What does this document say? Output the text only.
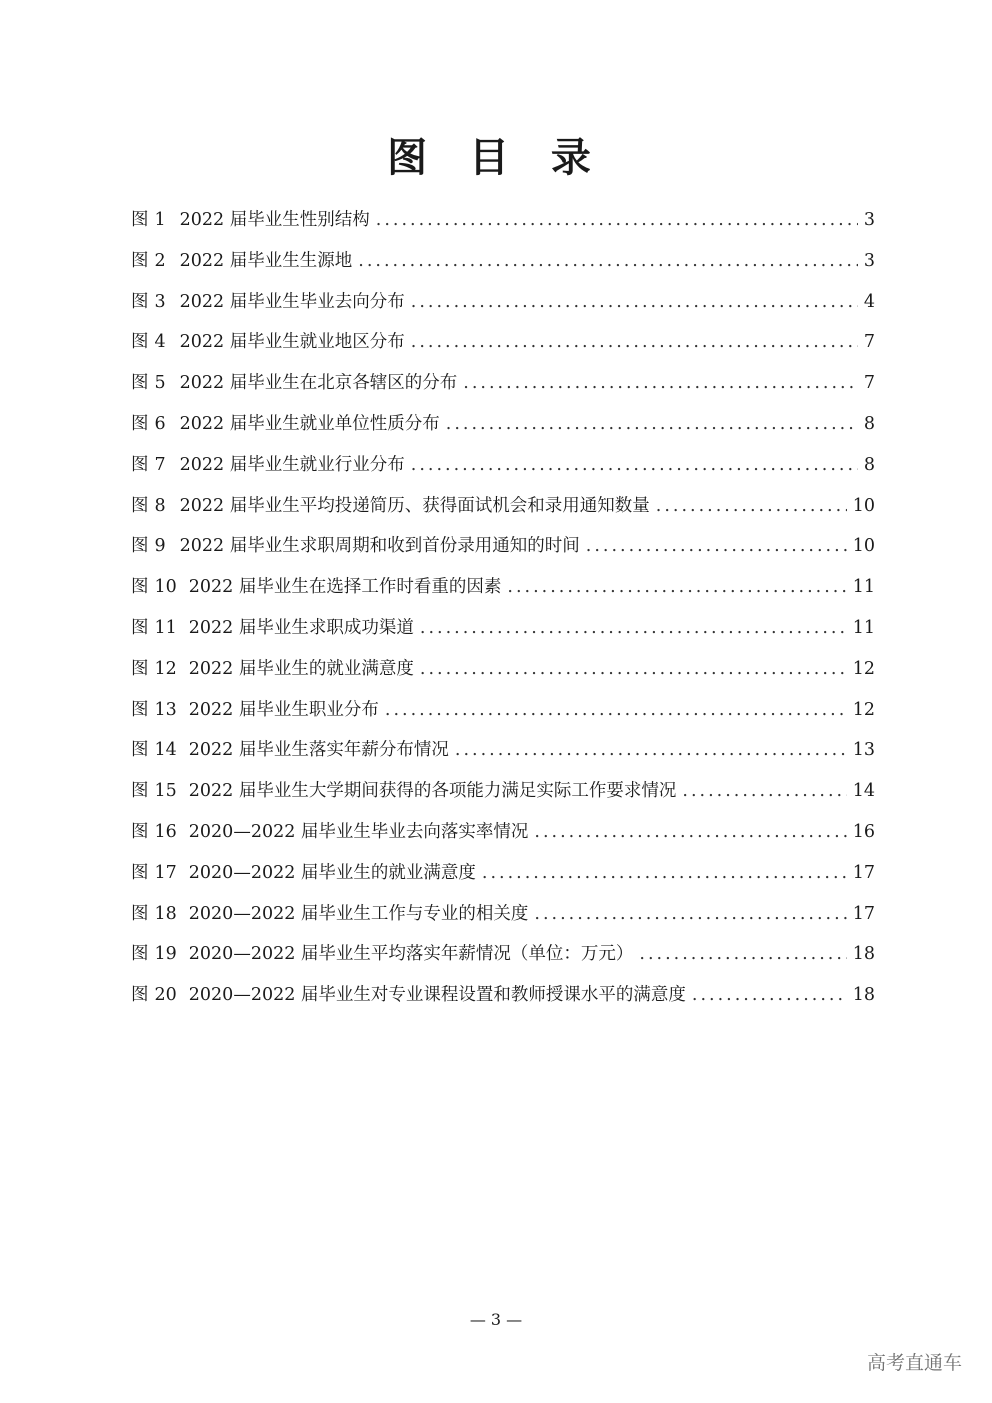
图 目 录
图 1 2022 届毕业生性别结构 .....	3
图 2 2022 届毕业生生源地 .....	3
图 3 2022 届毕业生毕业去向分布 .....	4
图 4 2022 届毕业生就业地区分布 .....	7
图 5 2022 届毕业生在北京各辖区的分布 .....	7
图 6 2022 届毕业生就业单位性质分布 .....	8
图 7 2022 届毕业生就业行业分布 .....	8
图 8 2022 届毕业生平均投递简历、获得面试机会和录用通知数量 .....	10
图 9 2022 届毕业生求职周期和收到首份录用通知的时间 .....	10
图 10 2022 届毕业生在选择工作时看重的因素 .....	11
图 11 2022 届毕业生求职成功渠道 .....	11
图 12 2022 届毕业生的就业满意度 .....	12
图 13 2022 届毕业生职业分布 .....	12
图 14 2022 届毕业生落实年薪分布情况 .....	13
图 15 2022 届毕业生大学期间获得的各项能力满足实际工作要求情况 .....	14
图 16 2020—2022 届毕业生毕业去向落实率情况 .....	16
图 17 2020—2022 届毕业生的就业满意度 .....	17
图 18 2020—2022 届毕业生工作与专业的相关度 .....	17
图 19 2020—2022 届毕业生平均落实年薪情况（单位：万元） .....	18
图 20 2020—2022 届毕业生对专业课程设置和教师授课水平的满意度 .....	18
— 3 —
高考直通车
